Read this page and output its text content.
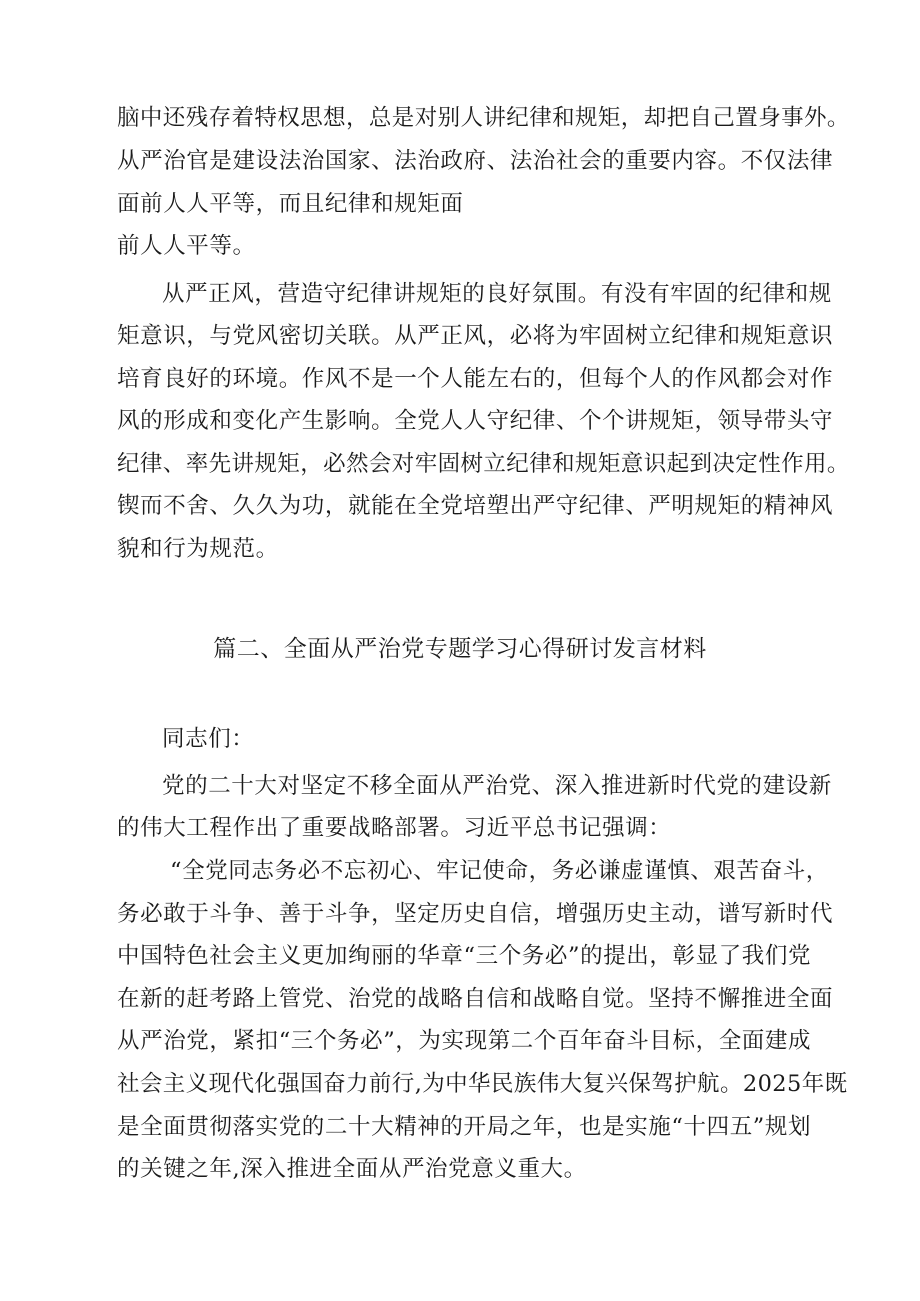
脑中还残存着特权思想，总是对别人讲纪律和规矩，却把自己置身事外。
从严治官是建设法治国家、法治政府、法治社会的重要内容。不仅法律
面前人人平等，而且纪律和规矩面
前人人平等。
从严正风，营造守纪律讲规矩的良好氛围。有没有牢固的纪律和规
矩意识，与党风密切关联。从严正风，必将为牢固树立纪律和规矩意识
培育良好的环境。作风不是一个人能左右的，但每个人的作风都会对作
风的形成和变化产生影响。全党人人守纪律、个个讲规矩，领导带头守
纪律、率先讲规矩，必然会对牢固树立纪律和规矩意识起到决定性作用。
锲而不舍、久久为功，就能在全党培塑出严守纪律、严明规矩的精神风
貌和行为规范。
篇二、全面从严治党专题学习心得研讨发言材料
同志们：
党的二十大对坚定不移全面从严治党、深入推进新时代党的建设新
的伟大工程作出了重要战略部署。习近平总书记强调：
“全党同志务必不忘初心、牢记使命，务必谦虚谨慎、艰苦奋斗，
务必敢于斗争、善于斗争，坚定历史自信，增强历史主动，谱写新时代
中国特色社会主义更加绚丽的华章“三个务必”的提出，彰显了我们党
在新的赶考路上管党、治党的战略自信和战略自觉。坚持不懈推进全面
从严治党，紧扣“三个务必”，为实现第二个百年奋斗目标，全面建成
社会主义现代化强国奋力前行,为中华民族伟大复兴保驾护航。2025年既
是全面贯彻落实党的二十大精神的开局之年，也是实施“十四五”规划
的关键之年,深入推进全面从严治党意义重大。
